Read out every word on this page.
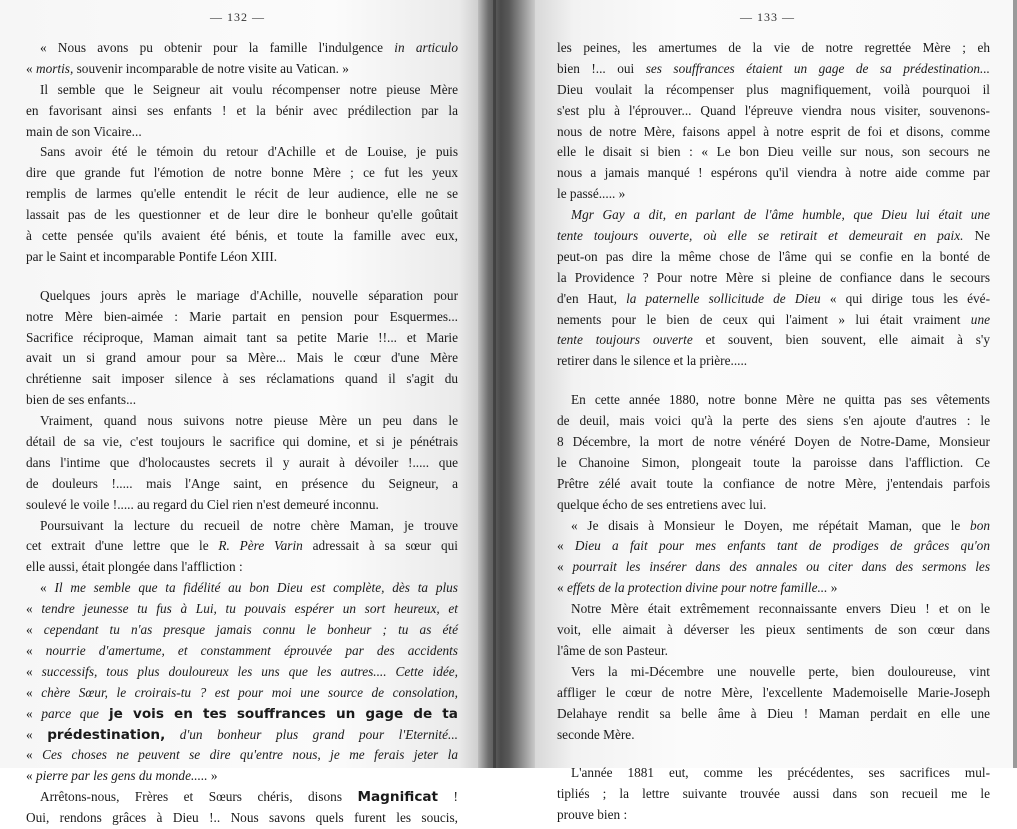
— 132 —
« Nous avons pu obtenir pour la famille l'indulgence in articulo
« mortis, souvenir incomparable de notre visite au Vatican. »
Il semble que le Seigneur ait voulu récompenser notre pieuse Mère
en favorisant ainsi ses enfants ! et la bénir avec prédilection par la
main de son Vicaire...
Sans avoir été le témoin du retour d'Achille et de Louise, je puis
dire que grande fut l'émotion de notre bonne Mère ; ce fut les yeux
remplis de larmes qu'elle entendit le récit de leur audience, elle ne se
lassait pas de les questionner et de leur dire le bonheur qu'elle goûtait
à cette pensée qu'ils avaient été bénis, et toute la famille avec eux,
par le Saint et incomparable Pontife Léon XIII.
Quelques jours après le mariage d'Achille, nouvelle séparation pour
notre Mère bien-aimée : Marie partait en pension pour Esquermes...
Sacrifice réciproque, Maman aimait tant sa petite Marie !!... et Marie
avait un si grand amour pour sa Mère... Mais le cœur d'une Mère
chrétienne sait imposer silence à ses réclamations quand il s'agit du
bien de ses enfants...
Vraiment, quand nous suivons notre pieuse Mère un peu dans le
détail de sa vie, c'est toujours le sacrifice qui domine, et si je pénétrais
dans l'intime que d'holocaustes secrets il y aurait à dévoiler !..... que
de douleurs !..... mais l'Ange saint, en présence du Seigneur, a
soulevé le voile !..... au regard du Ciel rien n'est demeuré inconnu.
Poursuivant la lecture du recueil de notre chère Maman, je trouve
cet extrait d'une lettre que le R. Père Varin adressait à sa sœur qui
elle aussi, était plongée dans l'affliction :
« Il me semble que ta fidélité au bon Dieu est complète, dès ta plus
« tendre jeunesse tu fus à Lui, tu pouvais espérer un sort heureux, et
« cependant tu n'as presque jamais connu le bonheur ; tu as été
« nourrie d'amertume, et constamment éprouvée par des accidents
« successifs, tous plus douloureux les uns que les autres.... Cette idée,
« chère Sœur, le croirais-tu ? est pour moi une source de consolation,
« parce que je vois en tes souffrances un gage de ta
« prédestination, d'un bonheur plus grand pour l'Eternité...
« Ces choses ne peuvent se dire qu'entre nous, je me ferais jeter la
« pierre par les gens du monde..... »
Arrêtons-nous, Frères et Sœurs chéris, disons Magnificat !
Oui, rendons grâces à Dieu !.. Nous savons quels furent les soucis,
— 133 —
les peines, les amertumes de la vie de notre regrettée Mère ; eh
bien !... oui ses souffrances étaient un gage de sa prédestination...
Dieu voulait la récompenser plus magnifiquement, voilà pourquoi il
s'est plu à l'éprouver... Quand l'épreuve viendra nous visiter, souvenons-
nous de notre Mère, faisons appel à notre esprit de foi et disons, comme
elle le disait si bien : « Le bon Dieu veille sur nous, son secours ne
nous a jamais manqué ! espérons qu'il viendra à notre aide comme par
le passé..... »
Mgr Gay a dit, en parlant de l'âme humble, que Dieu lui était une
tente toujours ouverte, où elle se retirait et demeurait en paix. Ne
peut-on pas dire la même chose de l'âme qui se confie en la bonté de
la Providence ? Pour notre Mère si pleine de confiance dans le secours
d'en Haut, la paternelle sollicitude de Dieu « qui dirige tous les évé-
nements pour le bien de ceux qui l'aiment » lui était vraiment une
tente toujours ouverte et souvent, bien souvent, elle aimait à s'y
retirer dans le silence et la prière.....
En cette année 1880, notre bonne Mère ne quitta pas ses vêtements
de deuil, mais voici qu'à la perte des siens s'en ajoute d'autres : le
8 Décembre, la mort de notre vénéré Doyen de Notre-Dame, Monsieur
le Chanoine Simon, plongeait toute la paroisse dans l'affliction. Ce
Prêtre zélé avait toute la confiance de notre Mère, j'entendais parfois
quelque écho de ses entretiens avec lui.
« Je disais à Monsieur le Doyen, me répétait Maman, que le bon
« Dieu a fait pour mes enfants tant de prodiges de grâces qu'on
« pourrait les insérer dans des annales ou citer dans des sermons les
« effets de la protection divine pour notre famille... »
Notre Mère était extrêmement reconnaissante envers Dieu ! et on le
voit, elle aimait à déverser les pieux sentiments de son cœur dans
l'âme de son Pasteur.
Vers la mi-Décembre une nouvelle perte, bien douloureuse, vint
affliger le cœur de notre Mère, l'excellente Mademoiselle Marie-Joseph
Delahaye rendit sa belle âme à Dieu ! Maman perdait en elle une
seconde Mère.
L'année 1881 eut, comme les précédentes, ses sacrifices mul-
tipliés ; la lettre suivante trouvée aussi dans son recueil me le
prouve bien :
